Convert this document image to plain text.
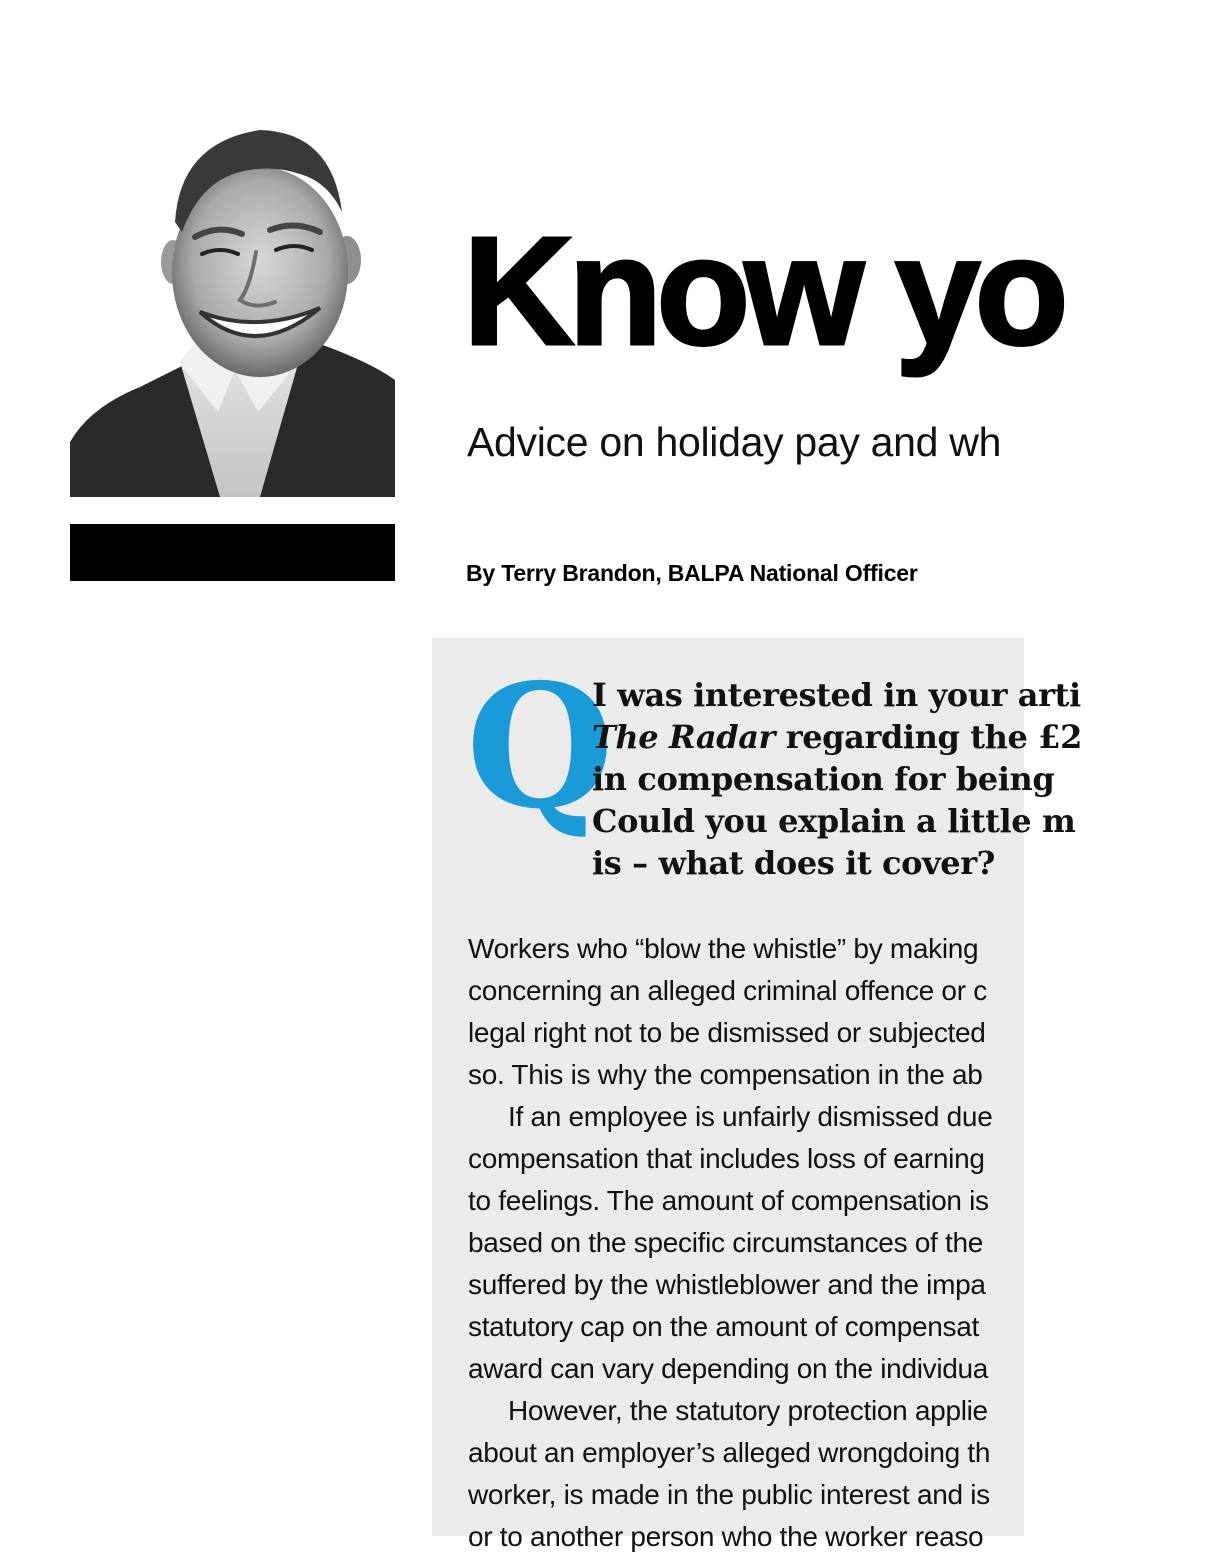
Know yo

Advice on holiday pay and wh

By Terry Brandon, BALPA National Officer

Q
I was interested in your arti
The Radar regarding the £2
in compensation for being
Could you explain a little m
is – what does it cover?
Workers who “blow the whistle” by making
concerning an alleged criminal offence or c
legal right not to be dismissed or subjected
so. This is why the compensation in the ab
If an employee is unfairly dismissed due
compensation that includes loss of earning
to feelings. The amount of compensation is
based on the specific circumstances of the
suffered by the whistleblower and the impa
statutory cap on the amount of compensat
award can vary depending on the individua
However, the statutory protection applie
about an employer’s alleged wrongdoing th
worker, is made in the public interest and is
or to another person who the worker reaso
